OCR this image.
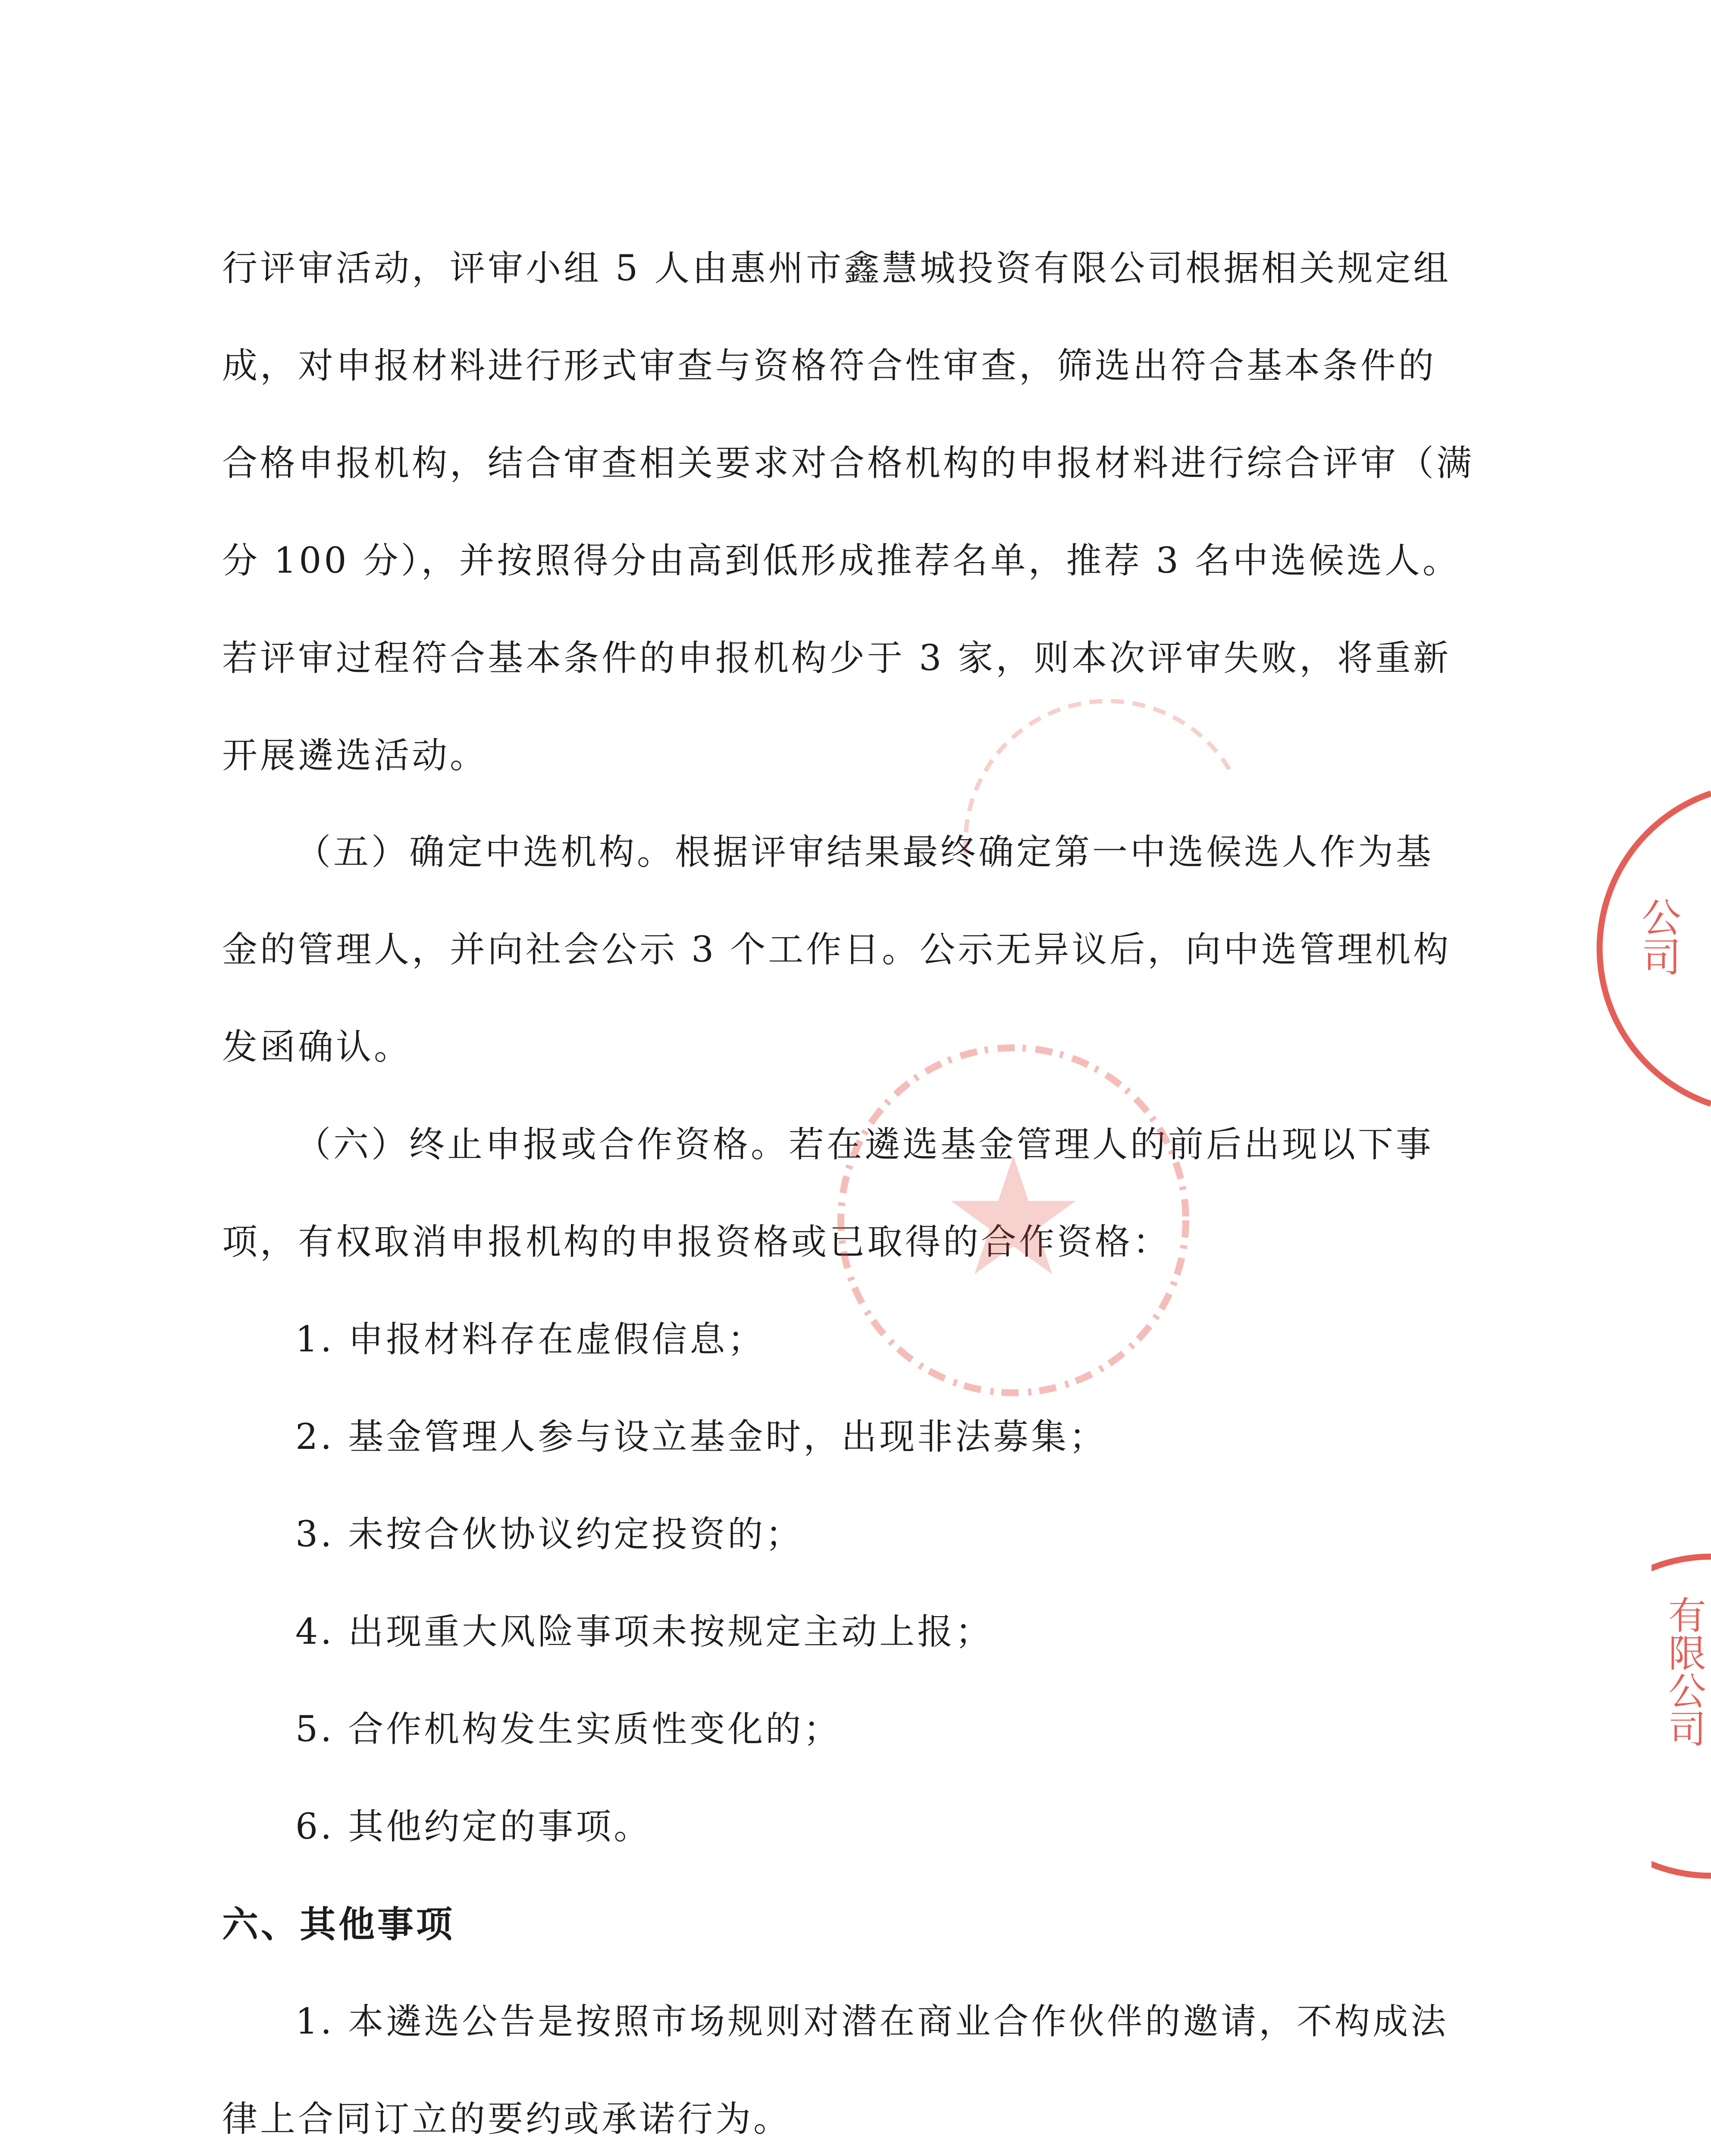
行评审活动，评审小组 5 人由惠州市鑫慧城投资有限公司根据相关规定组
成，对申报材料进行形式审查与资格符合性审查，筛选出符合基本条件的
合格申报机构，结合审查相关要求对合格机构的申报材料进行综合评审（满
分 100 分），并按照得分由高到低形成推荐名单，推荐 3 名中选候选人。
若评审过程符合基本条件的申报机构少于 3 家，则本次评审失败，将重新
开展遴选活动。
（五）确定中选机构。根据评审结果最终确定第一中选候选人作为基
金的管理人，并向社会公示 3 个工作日。公示无异议后，向中选管理机构
发函确认。
（六）终止申报或合作资格。若在遴选基金管理人的前后出现以下事
项，有权取消申报机构的申报资格或已取得的合作资格：
1. 申报材料存在虚假信息；
2. 基金管理人参与设立基金时，出现非法募集；
3. 未按合伙协议约定投资的；
4. 出现重大风险事项未按规定主动上报；
5. 合作机构发生实质性变化的；
6. 其他约定的事项。
六、其他事项
1. 本遴选公告是按照市场规则对潜在商业合作伙伴的邀请，不构成法
律上合同订立的要约或承诺行为。
公司
有限公司
